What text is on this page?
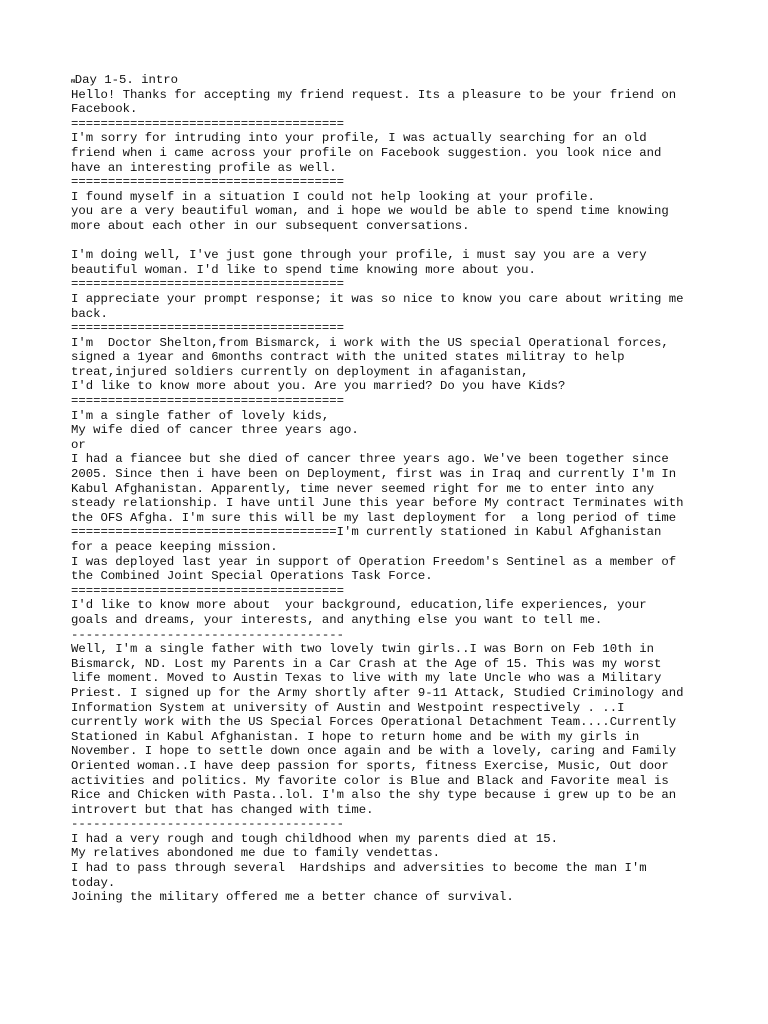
ᵯDay 1-5. intro
Hello! Thanks for accepting my friend request. Its a pleasure to be your friend on
Facebook.
=====================================
I'm sorry for intruding into your profile, I was actually searching for an old
friend when i came across your profile on Facebook suggestion. you look nice and
have an interesting profile as well.
=====================================
I found myself in a situation I could not help looking at your profile.
you are a very beautiful woman, and i hope we would be able to spend time knowing
more about each other in our subsequent conversations.
I'm doing well, I've just gone through your profile, i must say you are a very
beautiful woman. I'd like to spend time knowing more about you.
=====================================
I appreciate your prompt response; it was so nice to know you care about writing me
back.
=====================================
I'm  Doctor Shelton,from Bismarck, i work with the US special Operational forces,
signed a 1year and 6months contract with the united states militray to help
treat,injured soldiers currently on deployment in afaganistan,
I'd like to know more about you. Are you married? Do you have Kids?
=====================================
I'm a single father of lovely kids,
My wife died of cancer three years ago.
or
I had a fiancee but she died of cancer three years ago. We've been together since
2005. Since then i have been on Deployment, first was in Iraq and currently I'm In
Kabul Afghanistan. Apparently, time never seemed right for me to enter into any
steady relationship. I have until June this year before My contract Terminates with
the OFS Afgha. I'm sure this will be my last deployment for  a long period of time
====================================I'm currently stationed in Kabul Afghanistan
for a peace keeping mission.
I was deployed last year in support of Operation Freedom's Sentinel as a member of
the Combined Joint Special Operations Task Force.
=====================================
I'd like to know more about  your background, education,life experiences, your
goals and dreams, your interests, and anything else you want to tell me.
-------------------------------------
Well, I'm a single father with two lovely twin girls..I was Born on Feb 10th in
Bismarck, ND. Lost my Parents in a Car Crash at the Age of 15. This was my worst
life moment. Moved to Austin Texas to live with my late Uncle who was a Military
Priest. I signed up for the Army shortly after 9-11 Attack, Studied Criminology and
Information System at university of Austin and Westpoint respectively . ..I
currently work with the US Special Forces Operational Detachment Team....Currently
Stationed in Kabul Afghanistan. I hope to return home and be with my girls in
November. I hope to settle down once again and be with a lovely, caring and Family
Oriented woman..I have deep passion for sports, fitness Exercise, Music, Out door
activities and politics. My favorite color is Blue and Black and Favorite meal is
Rice and Chicken with Pasta..lol. I'm also the shy type because i grew up to be an
introvert but that has changed with time.
-------------------------------------
I had a very rough and tough childhood when my parents died at 15.
My relatives abondoned me due to family vendettas.
I had to pass through several  Hardships and adversities to become the man I'm
today.
Joining the military offered me a better chance of survival.
